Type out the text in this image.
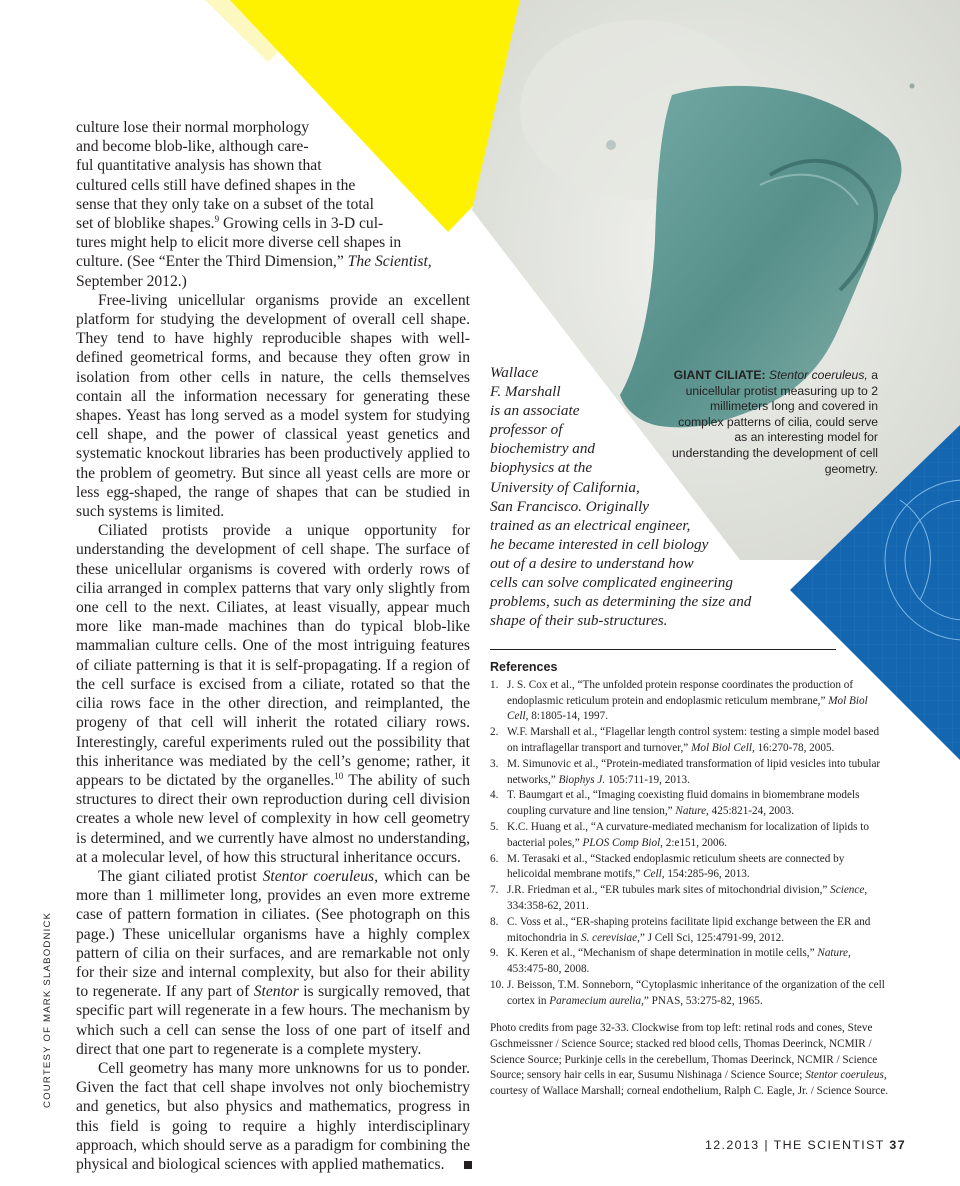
culture lose their normal morphology
and become blob-like, although care-
ful quantitative analysis has shown that
cultured cells still have defined shapes in the
sense that they only take on a subset of the total
set of bloblike shapes.$^9$ Growing cells in 3-D cul-
tures might help to elicit more diverse cell shapes in
culture. (See “Enter the Third Dimension,” The Scientist,
September 2012.)

Free-living unicellular organisms provide an excellent platform for studying the development of overall cell shape. They tend to have highly reproducible shapes with well-defined geometrical forms, and because they often grow in isolation from other cells in nature, the cells themselves contain all the information necessary for generating these shapes. Yeast has long served as a model system for studying cell shape, and the power of classical yeast genetics and systematic knockout libraries has been productively applied to the problem of geometry. But since all yeast cells are more or less egg-shaped, the range of shapes that can be studied in such systems is limited.

Ciliated protists provide a unique opportunity for understanding the development of cell shape. The surface of these unicellular organisms is covered with orderly rows of cilia arranged in complex patterns that vary only slightly from one cell to the next. Ciliates, at least visually, appear much more like man-made machines than do typical blob-like mammalian culture cells. One of the most intriguing features of ciliate patterning is that it is self-propagating. If a region of the cell surface is excised from a ciliate, rotated so that the cilia rows face in the other direction, and reimplanted, the progeny of that cell will inherit the rotated ciliary rows. Interestingly, careful experiments ruled out the possibility that this inheritance was mediated by the cell’s genome; rather, it appears to be dictated by the organelles.$^{10}$ The ability of such structures to direct their own reproduction during cell division creates a whole new level of complexity in how cell geometry is determined, and we currently have almost no understanding, at a molecular level, of how this structural inheritance occurs.

The giant ciliated protist Stentor coeruleus, which can be more than 1 millimeter long, provides an even more extreme case of pattern formation in ciliates. (See photograph on this page.) These unicellular organisms have a highly complex pattern of cilia on their surfaces, and are remarkable not only for their size and internal complexity, but also for their ability to regenerate. If any part of Stentor is surgically removed, that specific part will regenerate in a few hours. The mechanism by which such a cell can sense the loss of one part of itself and direct that one part to regenerate is a complete mystery.

Cell geometry has many more unknowns for us to ponder. Given the fact that cell shape involves not only biochemistry and genetics, but also physics and mathematics, progress in this field is going to require a highly interdisciplinary approach, which should serve as a paradigm for combining the physical and biological sciences with applied mathematics.

Wallace
F. Marshall
is an associate
professor of
biochemistry and
biophysics at the
University of California,
San Francisco. Originally
trained as an electrical engineer,
he became interested in cell biology
out of a desire to understand how
cells can solve complicated engineering
problems, such as determining the size and
shape of their sub-structures.
GIANT CILIATE: Stentor coeruleus, a unicellular protist measuring up to 2 millimeters long and covered in complex patterns of cilia, could serve as an interesting model for understanding the development of cell geometry.
References
1. J. S. Cox et al., “The unfolded protein response coordinates the production of endoplasmic reticulum protein and endoplasmic reticulum membrane,” Mol Biol Cell, 8:1805-14, 1997.
2. W.F. Marshall et al., “Flagellar length control system: testing a simple model based on intraflagellar transport and turnover,” Mol Biol Cell, 16:270-78, 2005.
3. M. Simunovic et al., “Protein-mediated transformation of lipid vesicles into tubular networks,” Biophys J. 105:711-19, 2013.
4. T. Baumgart et al., “Imaging coexisting fluid domains in biomembrane models coupling curvature and line tension,” Nature, 425:821-24, 2003.
5. K.C. Huang et al., “A curvature-mediated mechanism for localization of lipids to bacterial poles,” PLOS Comp Biol, 2:e151, 2006.
6. M. Terasaki et al., “Stacked endoplasmic reticulum sheets are connected by helicoidal membrane motifs,” Cell, 154:285-96, 2013.
7. J.R. Friedman et al., “ER tubules mark sites of mitochondrial division,” Science, 334:358-62, 2011.
8. C. Voss et al., “ER-shaping proteins facilitate lipid exchange between the ER and mitochondria in S. cerevisiae,” J Cell Sci, 125:4791-99, 2012.
9. K. Keren et al., “Mechanism of shape determination in motile cells,” Nature, 453:475-80, 2008.
10. J. Beisson, T.M. Sonneborn, “Cytoplasmic inheritance of the organization of the cell cortex in Paramecium aurelia,” PNAS, 53:275-82, 1965.
Photo credits from page 32-33. Clockwise from top left: retinal rods and cones, Steve Gschmeissner / Science Source; stacked red blood cells, Thomas Deerinck, NCMIR / Science Source; Purkinje cells in the cerebellum, Thomas Deerinck, NCMIR / Science Source; sensory hair cells in ear, Susumu Nishinaga / Science Source; Stentor coeruleus, courtesy of Wallace Marshall; corneal endothelium, Ralph C. Eagle, Jr. / Science Source.
COURTESY OF MARK SLABODNICK
12.2013 | THE SCIENTIST 37
